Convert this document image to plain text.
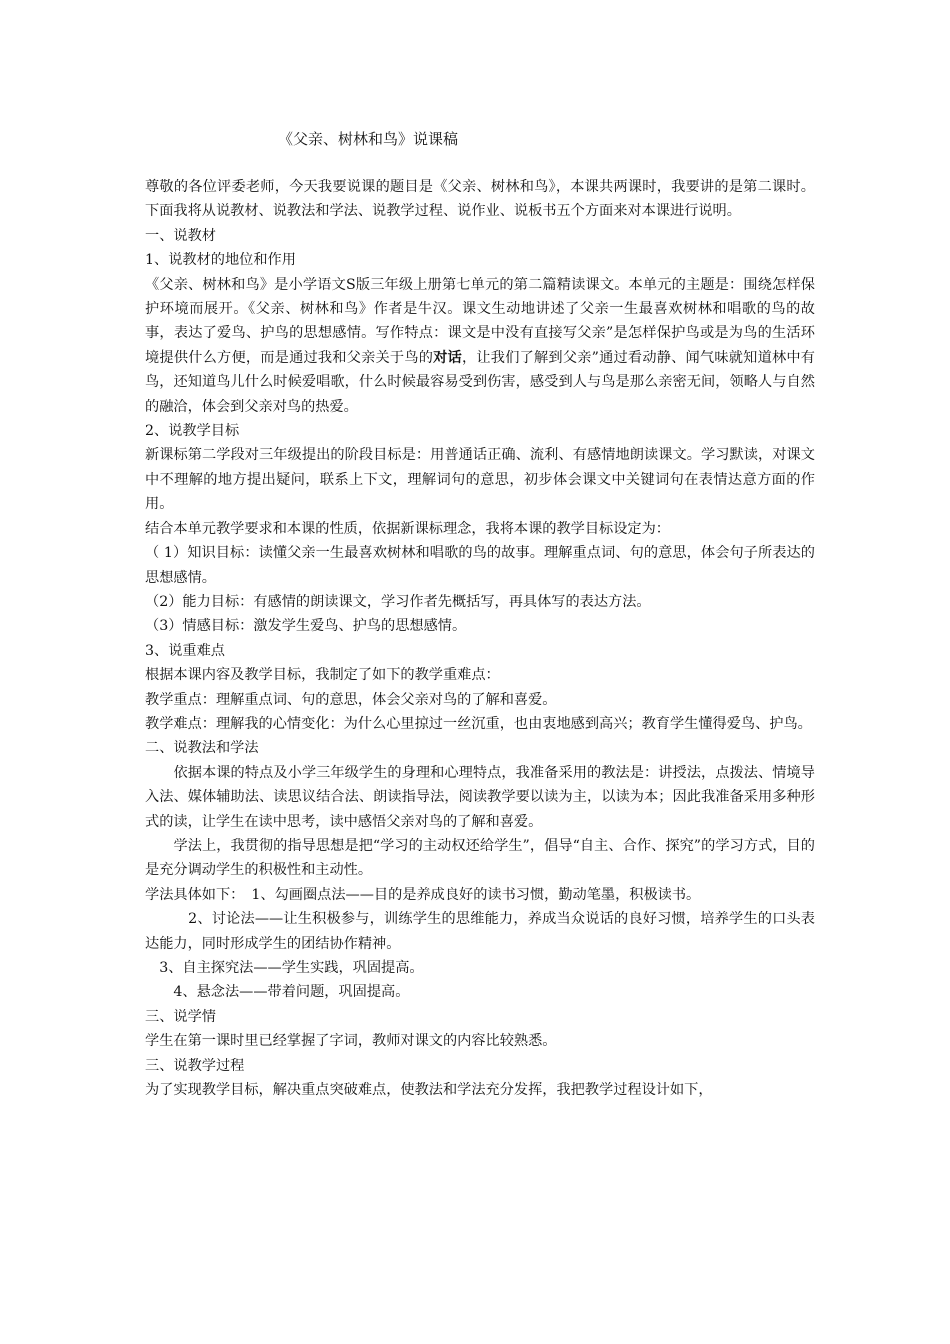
《父亲、树林和鸟》说课稿

尊敬的各位评委老师，今天我要说课的题目是《父亲、树林和鸟》，本课共两课时，我要讲的是第二课时。下面我将从说教材、说教法和学法、说教学过程、说作业、说板书五个方面来对本课进行说明。

一、说教材

1、说教材的地位和作用

《父亲、树林和鸟》是小学语文S版三年级上册第七单元的第二篇精读课文。本单元的主题是：围绕怎样保护环境而展开。《父亲、树林和鸟》作者是牛汉。课文生动地讲述了父亲一生最喜欢树林和唱歌的鸟的故事，表达了爱鸟、护鸟的思想感情。写作特点：课文是中没有直接写父亲”是怎样保护鸟或是为鸟的生活环境提供什么方便，而是通过我和父亲关于鸟的对话，让我们了解到父亲”通过看动静、闻气味就知道林中有鸟，还知道鸟儿什么时候爱唱歌，什么时候最容易受到伤害，感受到人与鸟是那么亲密无间，领略人与自然的融洽，体会到父亲对鸟的热爱。

2、说教学目标

新课标第二学段对三年级提出的阶段目标是：用普通话正确、流利、有感情地朗读课文。学习默读，对课文中不理解的地方提出疑问，联系上下文，理解词句的意思，初步体会课文中关键词句在表情达意方面的作用。

结合本单元教学要求和本课的性质，依据新课标理念，我将本课的教学目标设定为：

（ 1）知识目标：读懂父亲一生最喜欢树林和唱歌的鸟的故事。理解重点词、句的意思，体会句子所表达的思想感情。

（2）能力目标：有感情的朗读课文，学习作者先概括写，再具体写的表达方法。

（3）情感目标：激发学生爱鸟、护鸟的思想感情。

3、说重难点

根据本课内容及教学目标，我制定了如下的教学重难点：

教学重点：理解重点词、句的意思，体会父亲对鸟的了解和喜爱。

教学难点：理解我的心情变化：为什么心里掠过一丝沉重，也由衷地感到高兴；教育学生懂得爱鸟、护鸟。

二、说教法和学法

　　依据本课的特点及小学三年级学生的身理和心理特点，我准备采用的教法是：讲授法，点拨法、情境导入法、媒体辅助法、读思议结合法、朗读指导法，阅读教学要以读为主，以读为本；因此我准备采用多种形式的读，让学生在读中思考，读中感悟父亲对鸟的了解和喜爱。

　　学法上，我贯彻的指导思想是把“学习的主动权还给学生”，倡导“自主、合作、探究”的学习方式，目的是充分调动学生的积极性和主动性。

学法具体如下：　1、勾画圈点法——目的是养成良好的读书习惯，勤动笔墨，积极读书。

　　　2、讨论法——让生积极参与，训练学生的思维能力，养成当众说话的良好习惯，培养学生的口头表达能力，同时形成学生的团结协作精神。

　3、自主探究法——学生实践，巩固提高。

　　4、悬念法——带着问题，巩固提高。

三、说学情

学生在第一课时里已经掌握了字词，教师对课文的内容比较熟悉。

三、说教学过程

为了实现教学目标，解决重点突破难点，使教法和学法充分发挥，我把教学过程设计如下，
